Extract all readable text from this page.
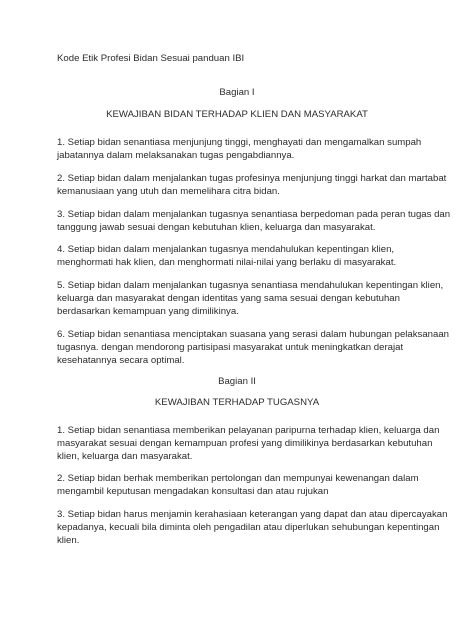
Kode Etik Profesi Bidan Sesuai panduan IBI
Bagian I
KEWAJIBAN BIDAN TERHADAP KLIEN DAN MASYARAKAT
1. Setiap bidan senantiasa menjunjung tinggi, menghayati dan mengamalkan sumpah
jabatannya dalam melaksanakan tugas pengabdiannya.
2. Setiap bidan dalam menjalankan tugas profesinya menjunjung tinggi harkat dan martabat
kemanusiaan yang utuh dan memelihara citra bidan.
3. Setiap bidan dalam menjalankan tugasnya senantiasa berpedoman pada peran tugas dan
tanggung jawab sesuai dengan kebutuhan klien, keluarga dan masyarakat.
4. Setiap bidan dalam menjalankan tugasnya mendahulukan kepentingan klien,
menghormati hak klien, dan menghormati nilai-nilai yang berlaku di masyarakat.
5. Setiap bidan dalam menjalankan tugasnya senantiasa mendahulukan kepentingan klien,
keluarga dan masyarakat dengan identitas yang sama sesuai dengan kebutuhan
berdasarkan kemampuan yang dimilikinya.
6. Setiap bidan senantiasa menciptakan suasana yang serasi dalam hubungan pelaksanaan
tugasnya. dengan mendorong partisipasi masyarakat untuk meningkatkan derajat
kesehatannya secara optimal.
Bagian II
KEWAJIBAN TERHADAP TUGASNYA
1. Setiap bidan senantiasa memberikan pelayanan paripurna terhadap klien, keluarga dan
masyarakat sesuai dengan kemampuan profesi yang dimilikinya berdasarkan kebutuhan
klien, keluarga dan masyarakat.
2. Setiap bidan berhak memberikan pertolongan dan mempunyai kewenangan dalam
mengambil keputusan mengadakan konsultasi dan atau rujukan
3. Setiap bidan harus menjamin kerahasiaan keterangan yang dapat dan atau dipercayakan
kepadanya, kecuali bila diminta oleh pengadilan atau diperlukan sehubungan kepentingan
klien.
